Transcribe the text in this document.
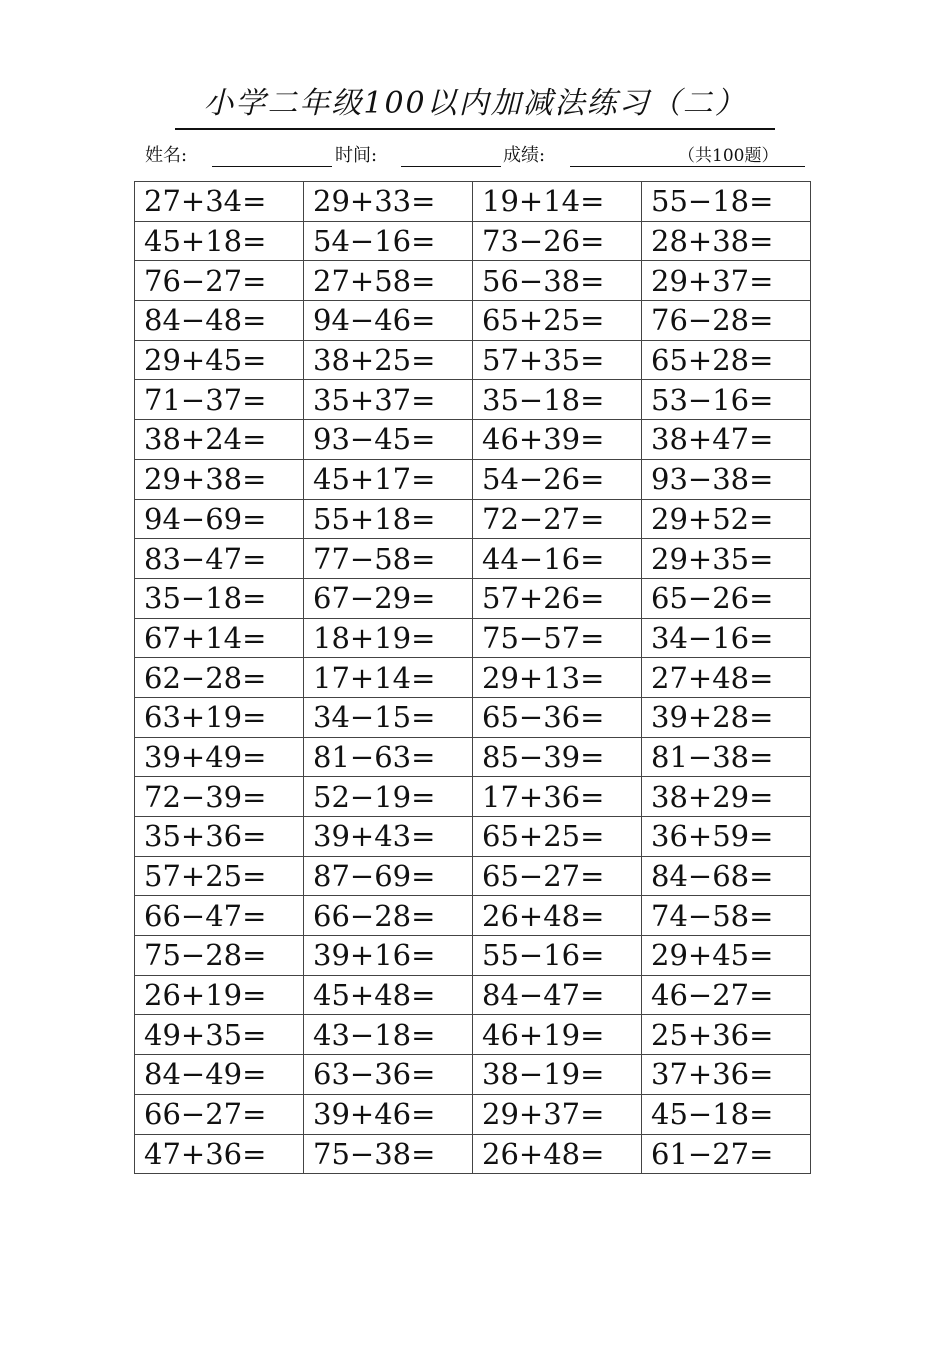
小学二年级100以内加减法练习（二）
姓名:	时间:	成绩:	（共100题）
27+34=	29+33=	19+14=	55−18=
45+18=	54−16=	73−26=	28+38=
76−27=	27+58=	56−38=	29+37=
84−48=	94−46=	65+25=	76−28=
29+45=	38+25=	57+35=	65+28=
71−37=	35+37=	35−18=	53−16=
38+24=	93−45=	46+39=	38+47=
29+38=	45+17=	54−26=	93−38=
94−69=	55+18=	72−27=	29+52=
83−47=	77−58=	44−16=	29+35=
35−18=	67−29=	57+26=	65−26=
67+14=	18+19=	75−57=	34−16=
62−28=	17+14=	29+13=	27+48=
63+19=	34−15=	65−36=	39+28=
39+49=	81−63=	85−39=	81−38=
72−39=	52−19=	17+36=	38+29=
35+36=	39+43=	65+25=	36+59=
57+25=	87−69=	65−27=	84−68=
66−47=	66−28=	26+48=	74−58=
75−28=	39+16=	55−16=	29+45=
26+19=	45+48=	84−47=	46−27=
49+35=	43−18=	46+19=	25+36=
84−49=	63−36=	38−19=	37+36=
66−27=	39+46=	29+37=	45−18=
47+36=	75−38=	26+48=	61−27=
